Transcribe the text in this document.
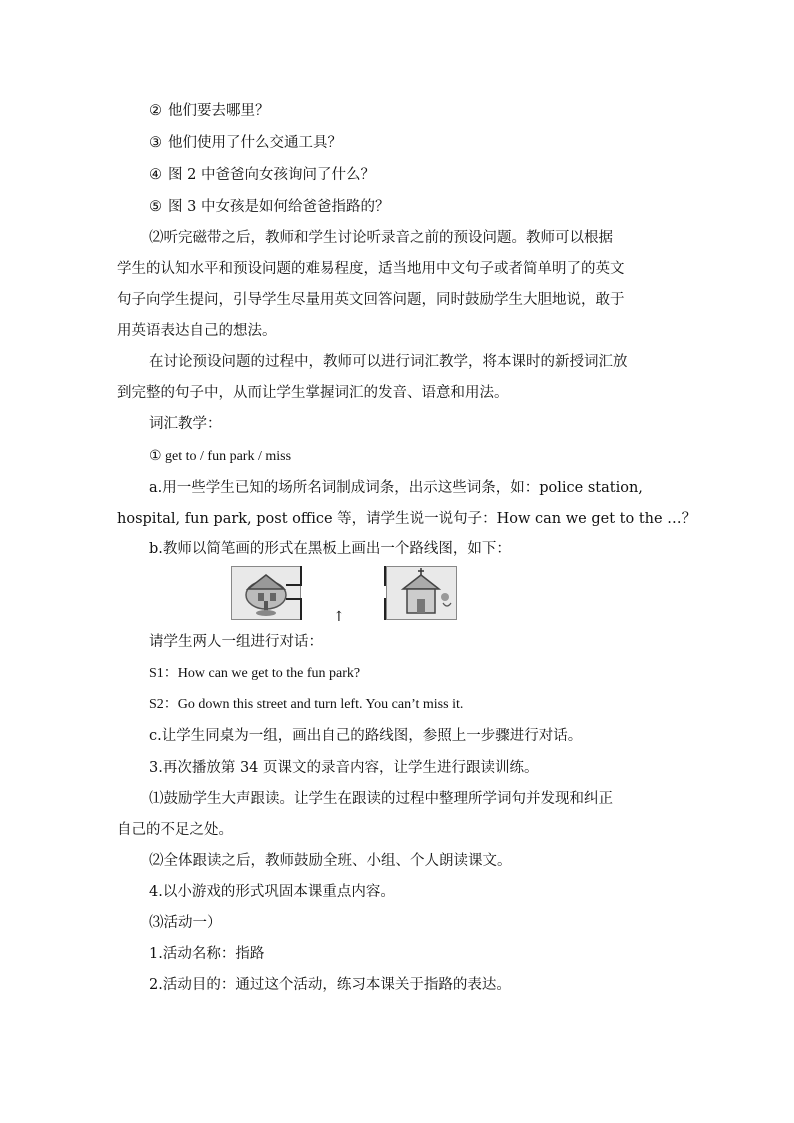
② 他们要去哪里？
③ 他们使用了什么交通工具？
④ 图 2 中爸爸向女孩询问了什么？
⑤ 图 3 中女孩是如何给爸爸指路的？
⑵听完磁带之后，教师和学生讨论听录音之前的预设问题。教师可以根据
学生的认知水平和预设问题的难易程度，适当地用中文句子或者简单明了的英文
句子向学生提问，引导学生尽量用英文回答问题，同时鼓励学生大胆地说，敢于
用英语表达自己的想法。
在讨论预设问题的过程中，教师可以进行词汇教学，将本课时的新授词汇放
到完整的句子中，从而让学生掌握词汇的发音、语意和用法。
词汇教学：
① get to / fun park / miss
a.用一些学生已知的场所名词制成词条，出示这些词条，如：police station,
hospital, fun park, post office 等，请学生说一说句子：How can we get to the …？
b.教师以简笔画的形式在黑板上画出一个路线图，如下：
↑
请学生两人一组进行对话：
S1：How can we get to the fun park?
S2：Go down this street and turn left. You can’t miss it.
c.让学生同桌为一组，画出自己的路线图，参照上一步骤进行对话。
3.再次播放第 34 页课文的录音内容，让学生进行跟读训练。
⑴鼓励学生大声跟读。让学生在跟读的过程中整理所学词句并发现和纠正
自己的不足之处。
⑵全体跟读之后，教师鼓励全班、小组、个人朗读课文。
4.以小游戏的形式巩固本课重点内容。
⑶活动一）
1.活动名称：指路
2.活动目的：通过这个活动，练习本课关于指路的表达。
